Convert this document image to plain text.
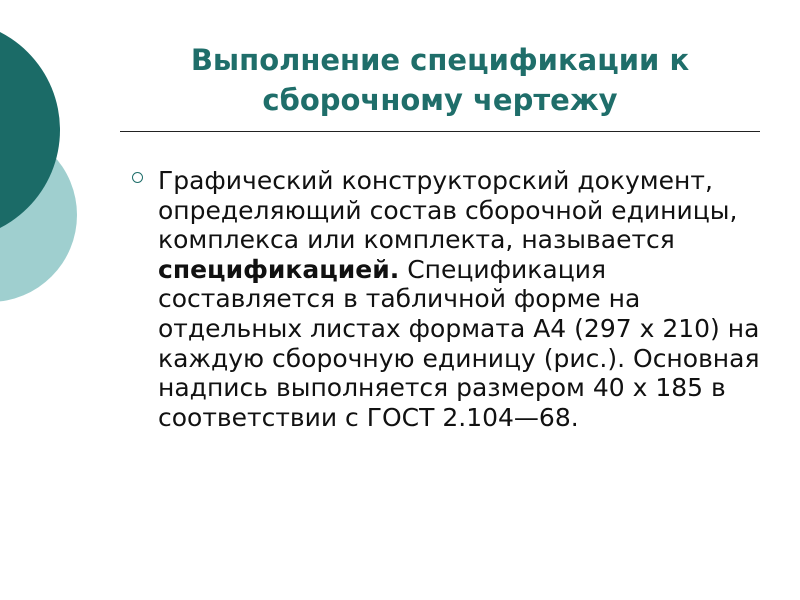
Выполнение спецификации к
сборочному чертежу
Графический конструкторский документ, определяющий состав сборочной единицы, комплекса или комплекта, называется спецификацией. Спецификация составляется в табличной форме на отдельных листах формата А4 (297 х 210) на каждую сборочную единицу (рис.). Основная надпись выполняется размером 40 х 185 в соответствии с ГОСТ 2.104—68.
